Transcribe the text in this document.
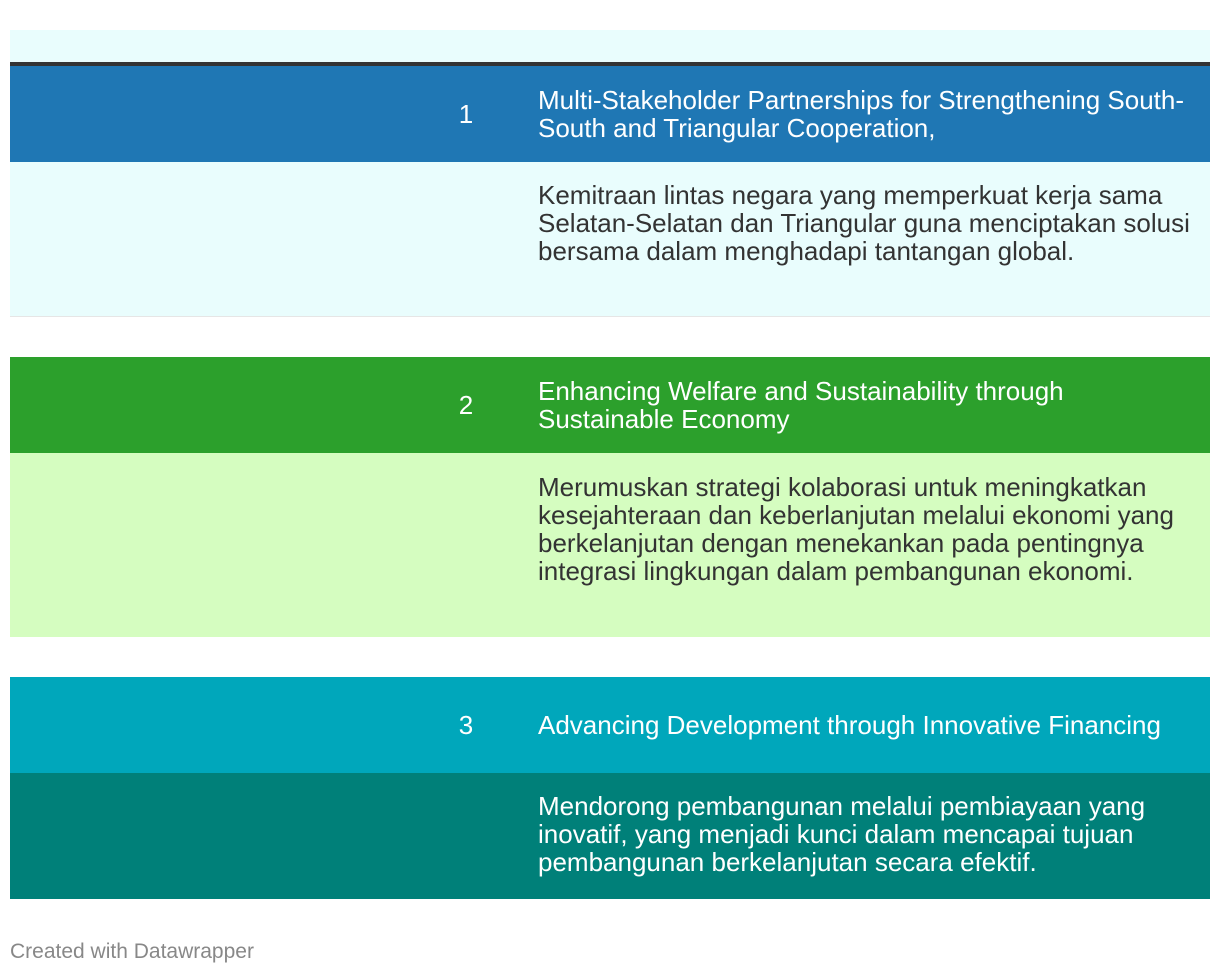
1	Multi-Stakeholder Partnerships for Strengthening South-South and Triangular Cooperation,
Kemitraan lintas negara yang memperkuat kerja sama Selatan-Selatan dan Triangular guna menciptakan solusi bersama dalam menghadapi tantangan global.
2	Enhancing Welfare and Sustainability through Sustainable Economy
Merumuskan strategi kolaborasi untuk meningkatkan kesejahteraan dan keberlanjutan melalui ekonomi yang berkelanjutan dengan menekankan pada pentingnya integrasi lingkungan dalam pembangunan ekonomi.
3	Advancing Development through Innovative Financing
Mendorong pembangunan melalui pembiayaan yang inovatif, yang menjadi kunci dalam mencapai tujuan pembangunan berkelanjutan secara efektif.
Created with Datawrapper
